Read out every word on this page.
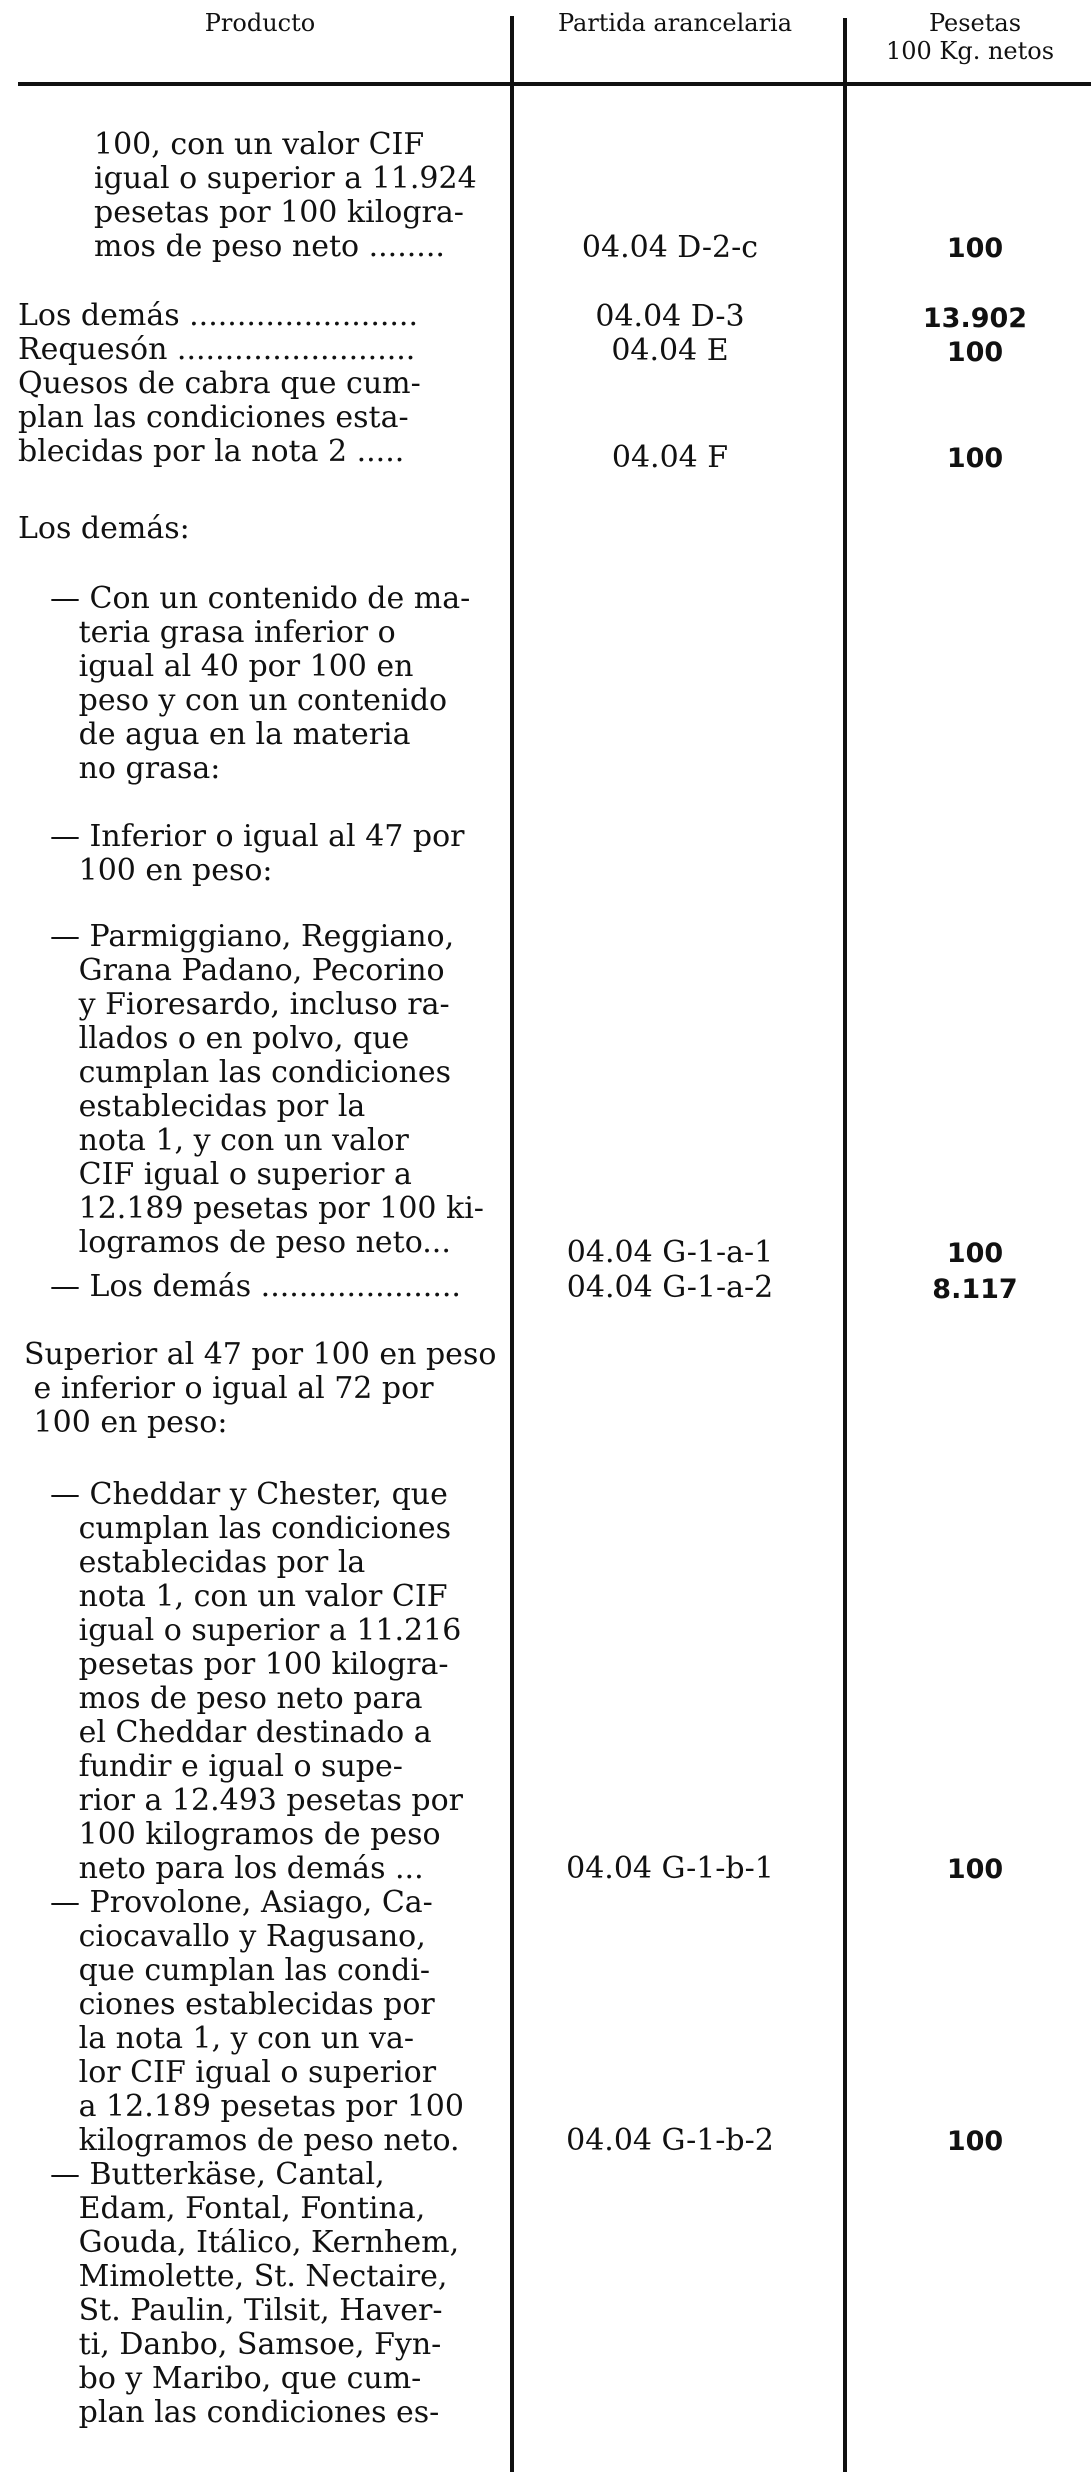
Producto	Partida arancelaria	Pesetas
100 Kg. netos
100, con un valor CIF
igual o superior a 11.924
pesetas por 100 kilogra-
mos de peso neto ........	04.04 D-2-c	100
Los demás ........................	04.04 D-3	13.902
Requesón .........................	04.04 E	100
Quesos de cabra que cum-
plan las condiciones esta-
blecidas por la nota 2 .....	04.04 F	100
Los demás:
— Con un contenido de ma-
teria grasa inferior o
igual al 40 por 100 en
peso y con un contenido
de agua en la materia
no grasa:
— Inferior o igual al 47 por
100 en peso:
— Parmiggiano, Reggiano,
Grana Padano, Pecorino
y Fioresardo, incluso ra-
llados o en polvo, que
cumplan las condiciones
establecidas por la
nota 1, y con un valor
CIF igual o superior a
12.189 pesetas por 100 ki-
logramos de peso neto...	04.04 G-1-a-1	100
— Los demás .....................	04.04 G-1-a-2	8.117
Superior al 47 por 100 en peso
e inferior o igual al 72 por
100 en peso:
— Cheddar y Chester, que
cumplan las condiciones
establecidas por la
nota 1, con un valor CIF
igual o superior a 11.216
pesetas por 100 kilogra-
mos de peso neto para
el Cheddar destinado a
fundir e igual o supe-
rior a 12.493 pesetas por
100 kilogramos de peso
neto para los demás ...	04.04 G-1-b-1	100
— Provolone, Asiago, Ca-
ciocavallo y Ragusano,
que cumplan las condi-
ciones establecidas por
la nota 1, y con un va-
lor CIF igual o superior
a 12.189 pesetas por 100
kilogramos de peso neto.	04.04 G-1-b-2	100
— Butterkäse, Cantal,
Edam, Fontal, Fontina,
Gouda, Itálico, Kernhem,
Mimolette, St. Nectaire,
St. Paulin, Tilsit, Haver-
ti, Danbo, Samsoe, Fyn-
bo y Maribo, que cum-
plan las condiciones es-
